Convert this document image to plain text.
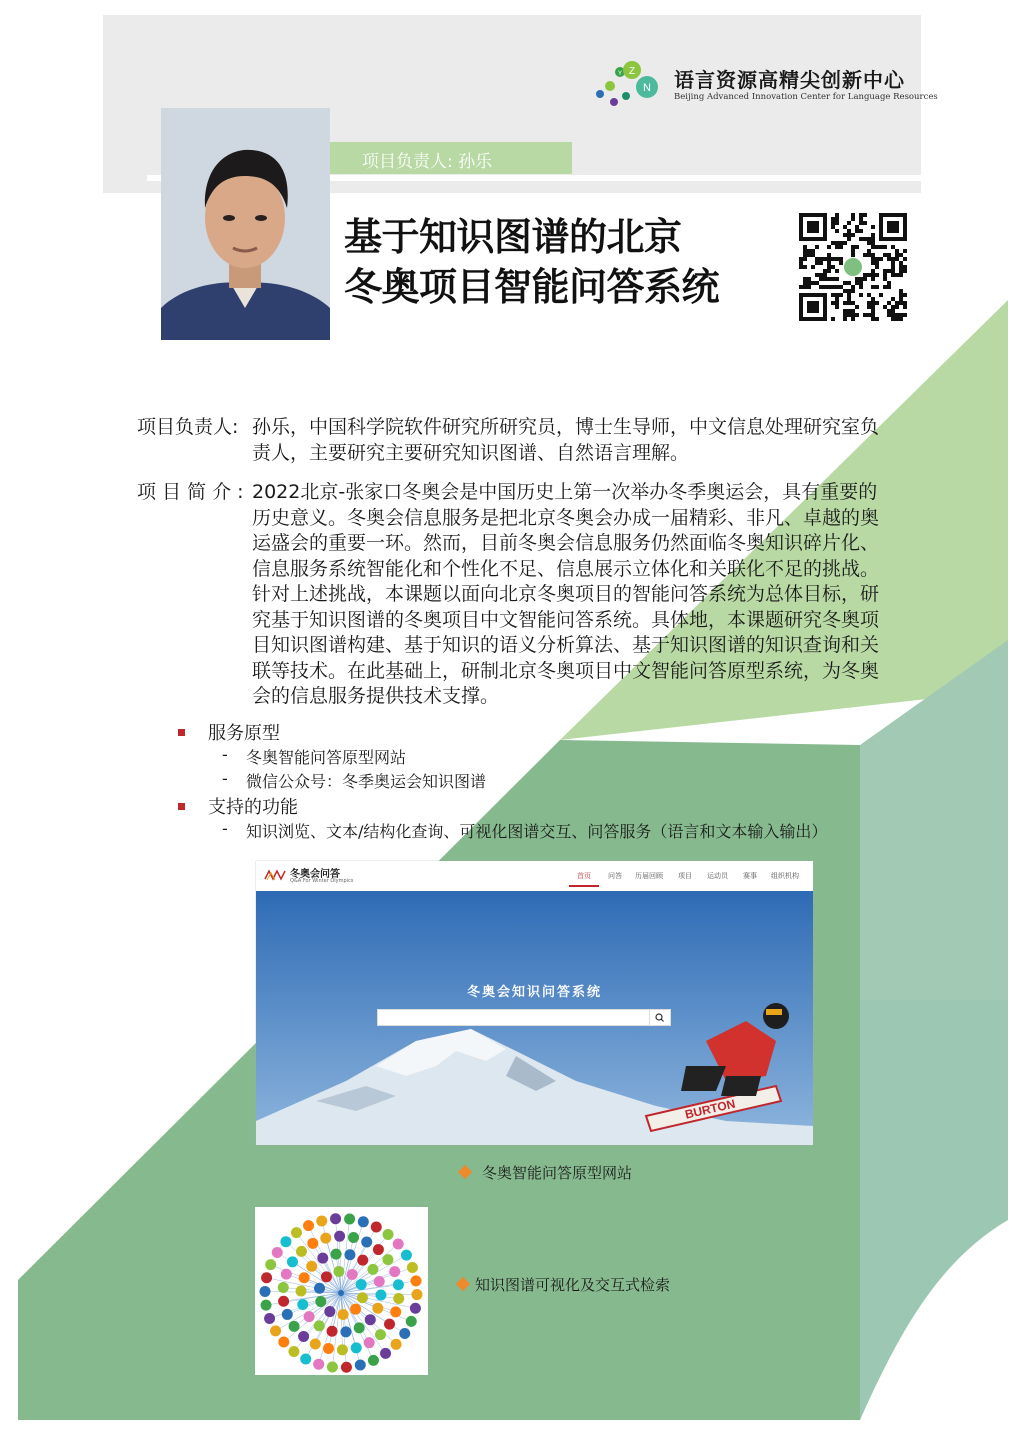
Z
N
Y	语言资源高精尖创新中心
Beijing Advanced Innovation Center for Language Resources
项目负责人: 孙乐
基于知识图谱的北京
冬奥项目智能问答系统
项目负责人: 孙乐，中国科学院软件研究所研究员，博士生导师，中文信息处理研究室负
责人，主要研究主要研究知识图谱、自然语言理解。
项 目 简 介 : 2022北京-张家口冬奥会是中国历史上第一次举办冬季奥运会，具有重要的
历史意义。冬奥会信息服务是把北京冬奥会办成一届精彩、非凡、卓越的奥
运盛会的重要一环。然而，目前冬奥会信息服务仍然面临冬奥知识碎片化、
信息服务系统智能化和个性化不足、信息展示立体化和关联化不足的挑战。
针对上述挑战，本课题以面向北京冬奥项目的智能问答系统为总体目标，研
究基于知识图谱的冬奥项目中文智能问答系统。具体地，本课题研究冬奥项
目知识图谱构建、基于知识的语义分析算法、基于知识图谱的知识查询和关
联等技术。在此基础上，研制北京冬奥项目中文智能问答原型系统，为冬奥
会的信息服务提供技术支撑。
服务原型
- 冬奥智能问答原型网站
- 微信公众号：冬季奥运会知识图谱
支持的功能
- 知识浏览、文本/结构化查询、可视化图谱交互、问答服务（语言和文本输入输出）
冬奥会问答
Q&A For Winter Olympics
首页 问答 历届回顾 项目 运动员 赛事 组织机构
BURTON
冬奥会知识问答系统
冬奥智能问答原型网站
知识图谱可视化及交互式检索
